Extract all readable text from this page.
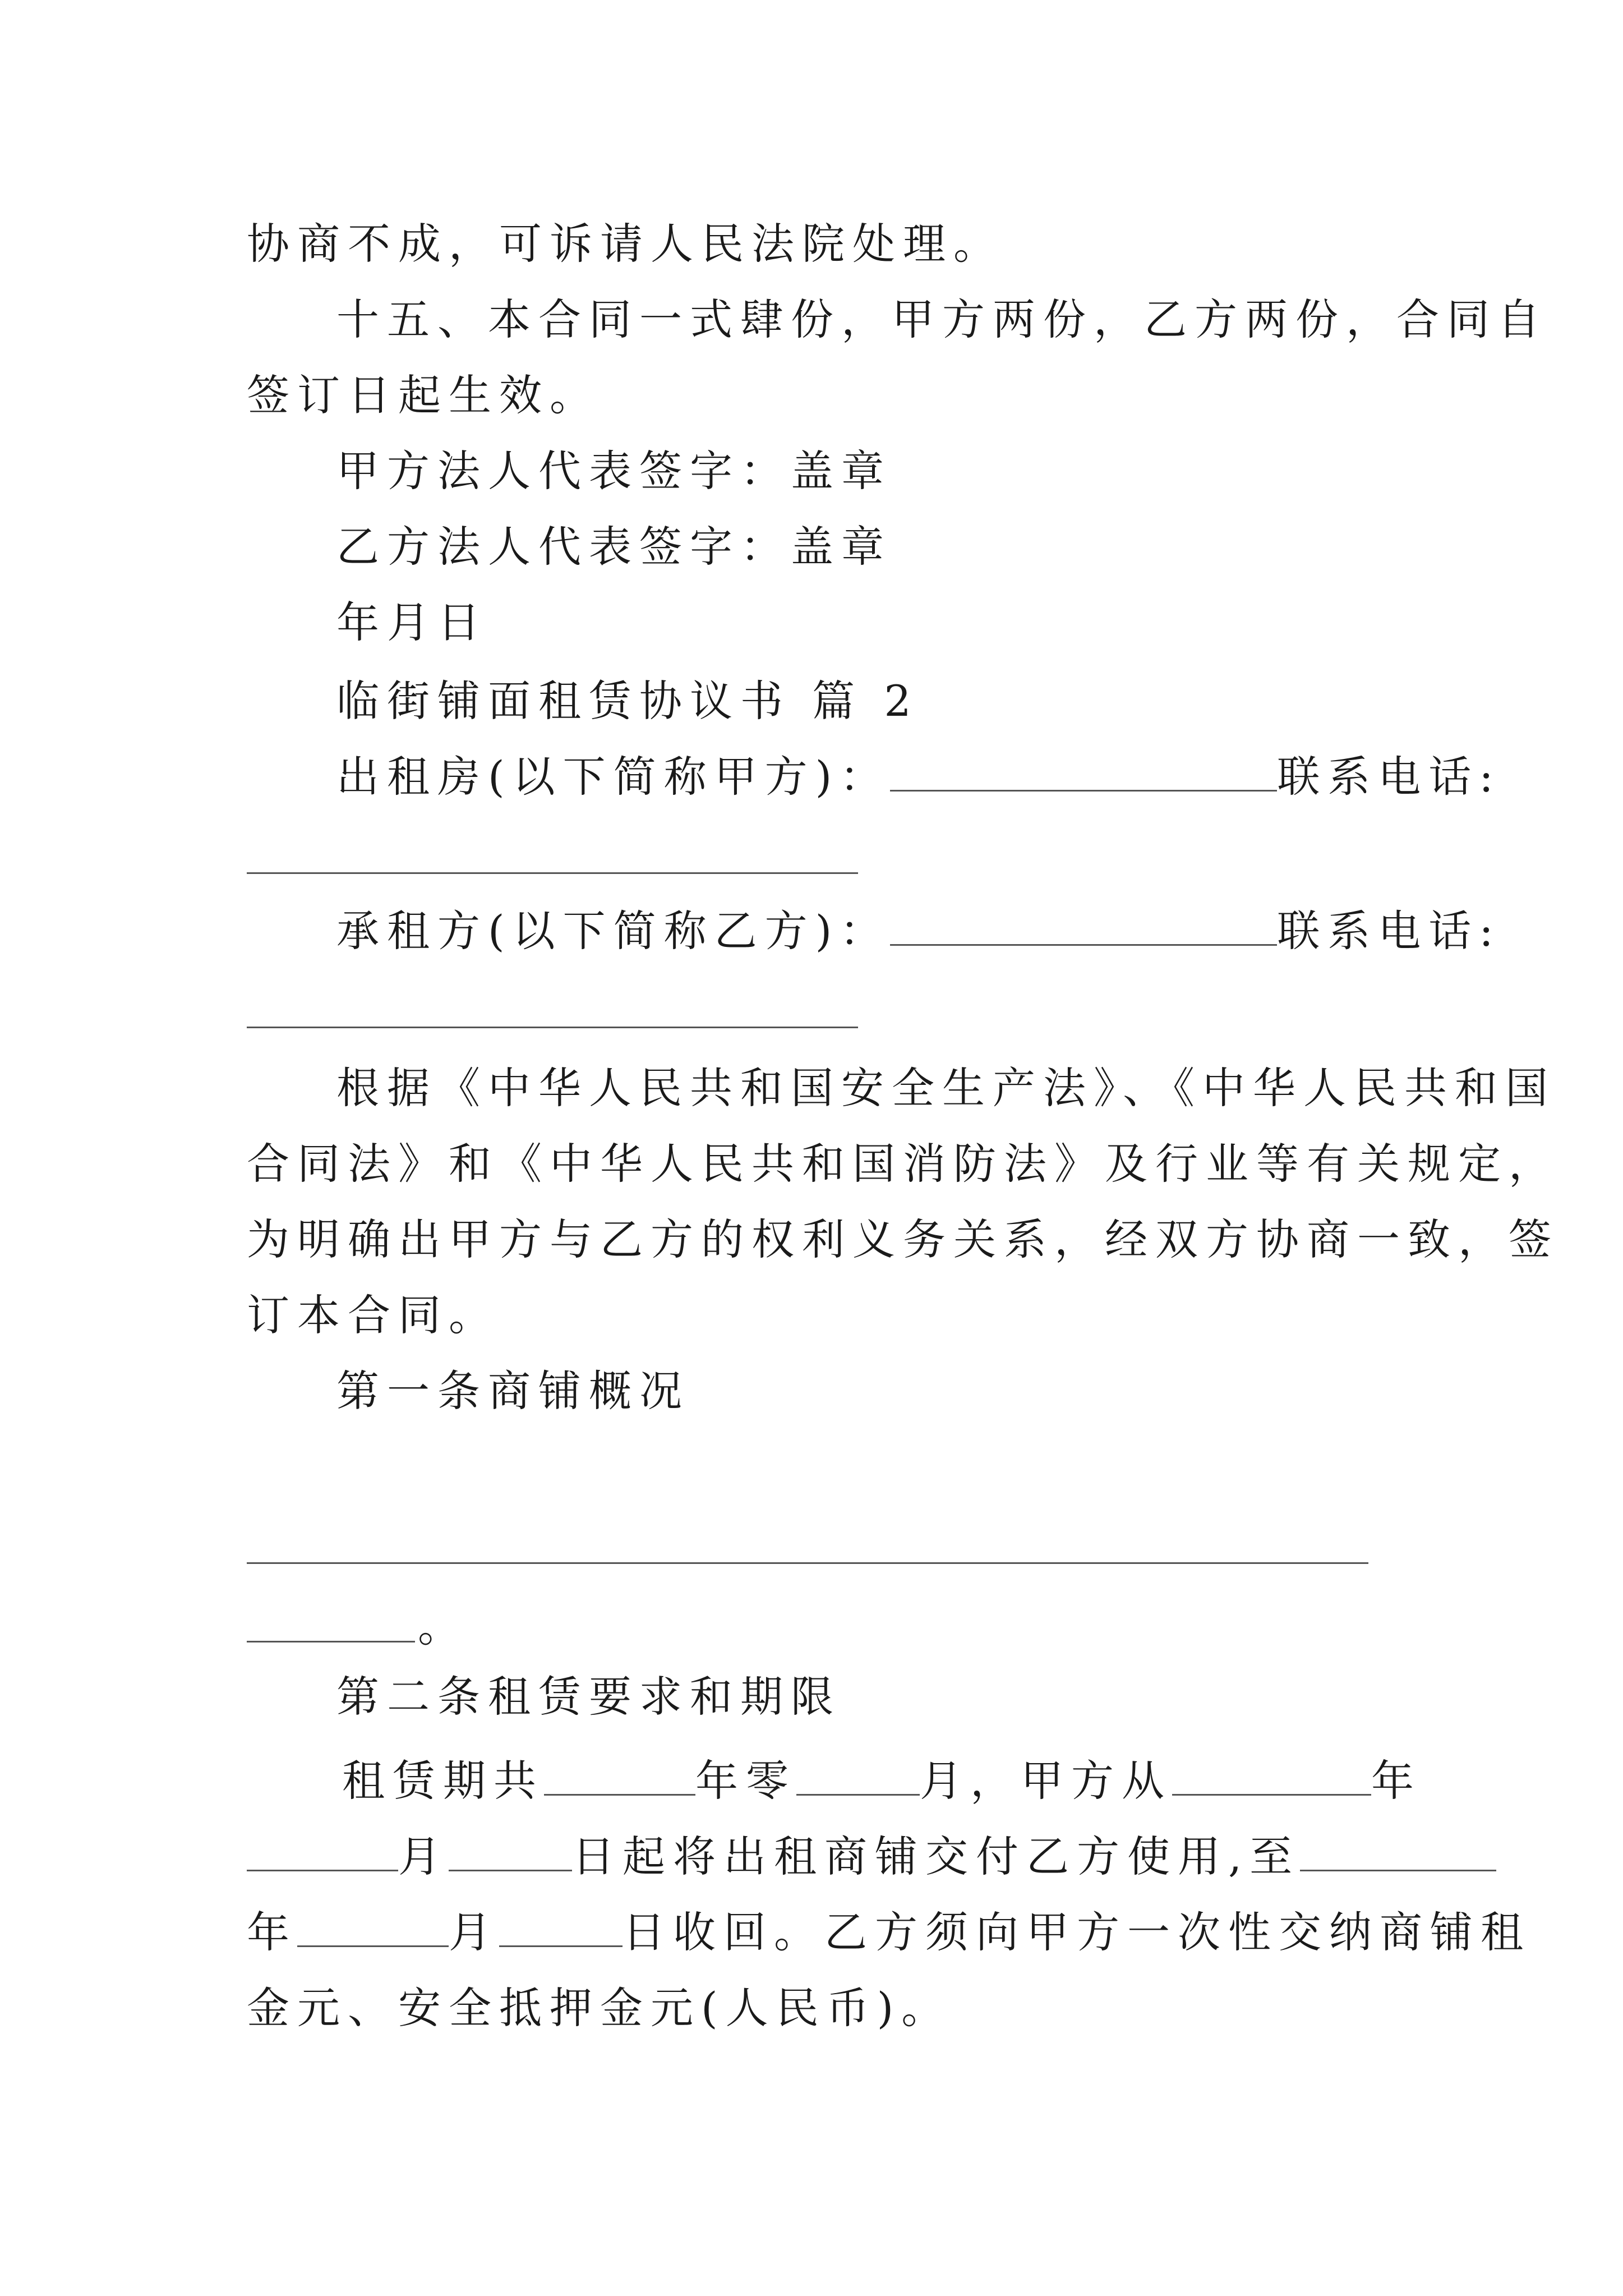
协商不成，可诉请人民法院处理。
十五、本合同一式肆份，甲方两份，乙方两份，合同自
签订日起生效。
甲方法人代表签字：盖章
乙方法人代表签字：盖章
年月日
临街铺面租赁协议书 篇 2
出租房(以下简称甲方)：	联系电话:
承租方(以下简称乙方)：	联系电话:
根据《中华人民共和国安全生产法》、《中华人民共和国
合同法》和《中华人民共和国消防法》及行业等有关规定，
为明确出甲方与乙方的权利义务关系，经双方协商一致，签
订本合同。
第一条商铺概况
。
第二条租赁要求和期限
租赁期共	年零	月，甲方从	年
月	日起将出租商铺交付乙方使用,至
年	月	日收回。乙方须向甲方一次性交纳商铺租
金元、安全抵押金元(人民币)。
